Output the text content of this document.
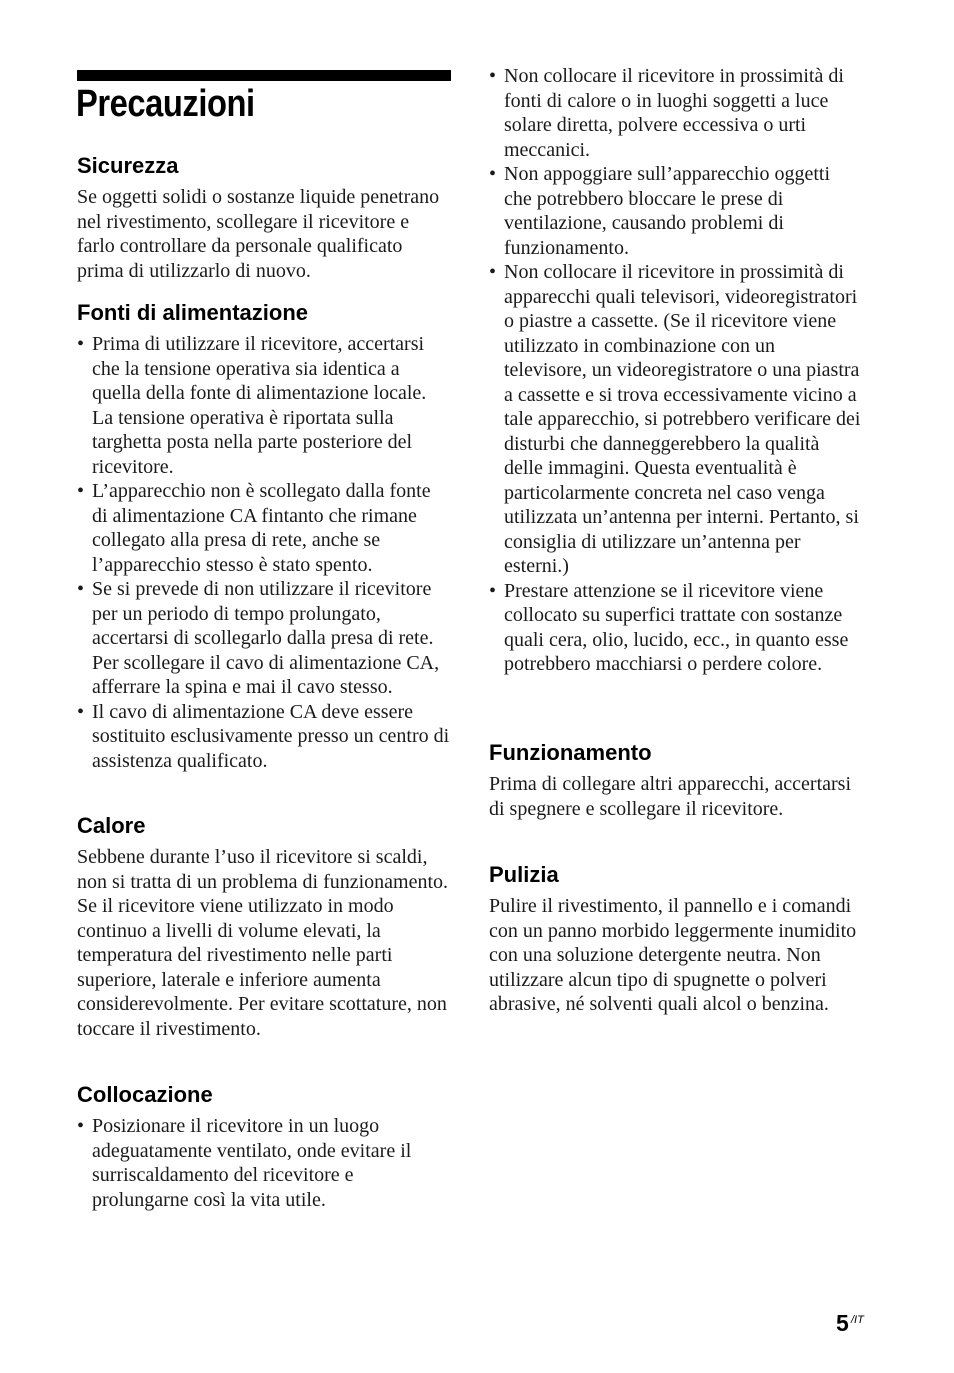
Precauzioni
Sicurezza

Se oggetti solidi o sostanze liquide penetrano nel rivestimento, scollegare il ricevitore e farlo controllare da personale qualificato prima di utilizzarlo di nuovo.

Fonti di alimentazione
• Prima di utilizzare il ricevitore, accertarsi che la tensione operativa sia identica a quella della fonte di alimentazione locale. La tensione operativa è riportata sulla targhetta posta nella parte posteriore del ricevitore.
• L’apparecchio non è scollegato dalla fonte di alimentazione CA fintanto che rimane collegato alla presa di rete, anche se l’apparecchio stesso è stato spento.
• Se si prevede di non utilizzare il ricevitore per un periodo di tempo prolungato, accertarsi di scollegarlo dalla presa di rete. Per scollegare il cavo di alimentazione CA, afferrare la spina e mai il cavo stesso.
• Il cavo di alimentazione CA deve essere sostituito esclusivamente presso un centro di assistenza qualificato.
Calore

Sebbene durante l’uso il ricevitore si scaldi, non si tratta di un problema di funzionamento. Se il ricevitore viene utilizzato in modo continuo a livelli di volume elevati, la temperatura del rivestimento nelle parti superiore, laterale e inferiore aumenta considerevolmente. Per evitare scottature, non toccare il rivestimento.

Collocazione
• Posizionare il ricevitore in un luogo adeguatamente ventilato, onde evitare il surriscaldamento del ricevitore e prolungarne così la vita utile.
• Non collocare il ricevitore in prossimità di fonti di calore o in luoghi soggetti a luce solare diretta, polvere eccessiva o urti meccanici.
• Non appoggiare sull’apparecchio oggetti che potrebbero bloccare le prese di ventilazione, causando problemi di funzionamento.
• Non collocare il ricevitore in prossimità di apparecchi quali televisori, videoregistratori o piastre a cassette. (Se il ricevitore viene utilizzato in combinazione con un televisore, un videoregistratore o una piastra a cassette e si trova eccessivamente vicino a tale apparecchio, si potrebbero verificare dei disturbi che danneggerebbero la qualità delle immagini. Questa eventualità è particolarmente concreta nel caso venga utilizzata un’antenna per interni. Pertanto, si consiglia di utilizzare un’antenna per esterni.)
• Prestare attenzione se il ricevitore viene collocato su superfici trattate con sostanze quali cera, olio, lucido, ecc., in quanto esse potrebbero macchiarsi o perdere colore.
Funzionamento

Prima di collegare altri apparecchi, accertarsi di spegnere e scollegare il ricevitore.

Pulizia

Pulire il rivestimento, il pannello e i comandi con un panno morbido leggermente inumidito con una soluzione detergente neutra. Non utilizzare alcun tipo di spugnette o polveri abrasive, né solventi quali alcol o benzina.

5 /IT
